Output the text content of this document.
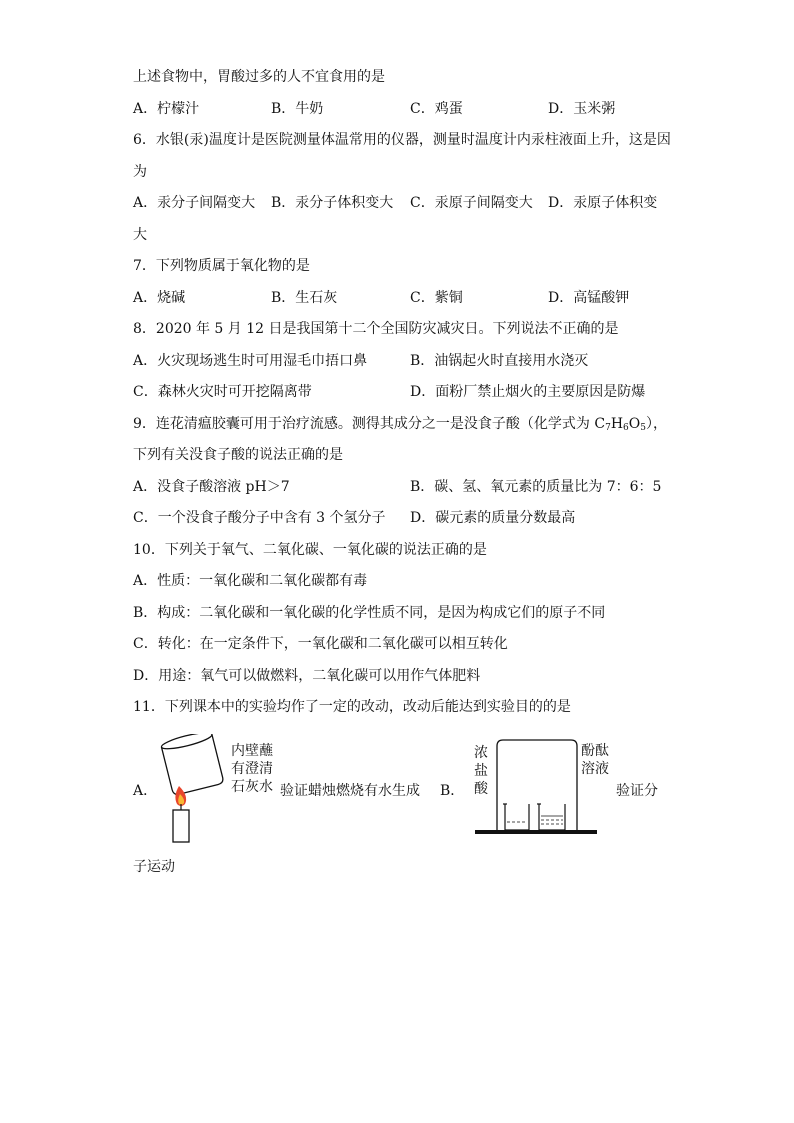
上述食物中，胃酸过多的人不宜食用的是
A．柠檬汁	B．牛奶	C．鸡蛋	D．玉米粥
6．水银(汞)温度计是医院测量体温常用的仪器，测量时温度计内汞柱液面上升，这是因
为
A．汞分子间隔变大 B．汞分子体积变大 C．汞原子间隔变大 D．汞原子体积变
大
7．下列物质属于氧化物的是
A．烧碱	B．生石灰	C．紫铜	D．高锰酸钾
8．2020 年 5 月 12 日是我国第十二个全国防灾减灾日。下列说法不正确的是
A．火灾现场逃生时可用湿毛巾捂口鼻	B．油锅起火时直接用水浇灭
C．森林火灾时可开挖隔离带	D．面粉厂禁止烟火的主要原因是防爆
9．连花清瘟胶囊可用于治疗流感。测得其成分之一是没食子酸（化学式为 $C_7H_6O_5$），
下列有关没食子酸的说法正确的是
A．没食子酸溶液 pH＞7	B．碳、氢、氧元素的质量比为 7：6：5
C．一个没食子酸分子中含有 3 个氢分子 D．碳元素的质量分数最高
10．下列关于氧气、二氧化碳、一氧化碳的说法正确的是
A．性质：一氧化碳和二氧化碳都有毒
B．构成：二氧化碳和一氧化碳的化学性质不同，是因为构成它们的原子不同
C．转化：在一定条件下，一氧化碳和二氧化碳可以相互转化
D．用途：氧气可以做燃料，二氧化碳可以用作气体肥料
11．下列课本中的实验均作了一定的改动，改动后能达到实验目的的是
A．
内壁蘸
有澄清
石灰水 验证蜡烛燃烧有水生成 B．
浓
盐
酸
酚酞
溶液
验证分
子运动
